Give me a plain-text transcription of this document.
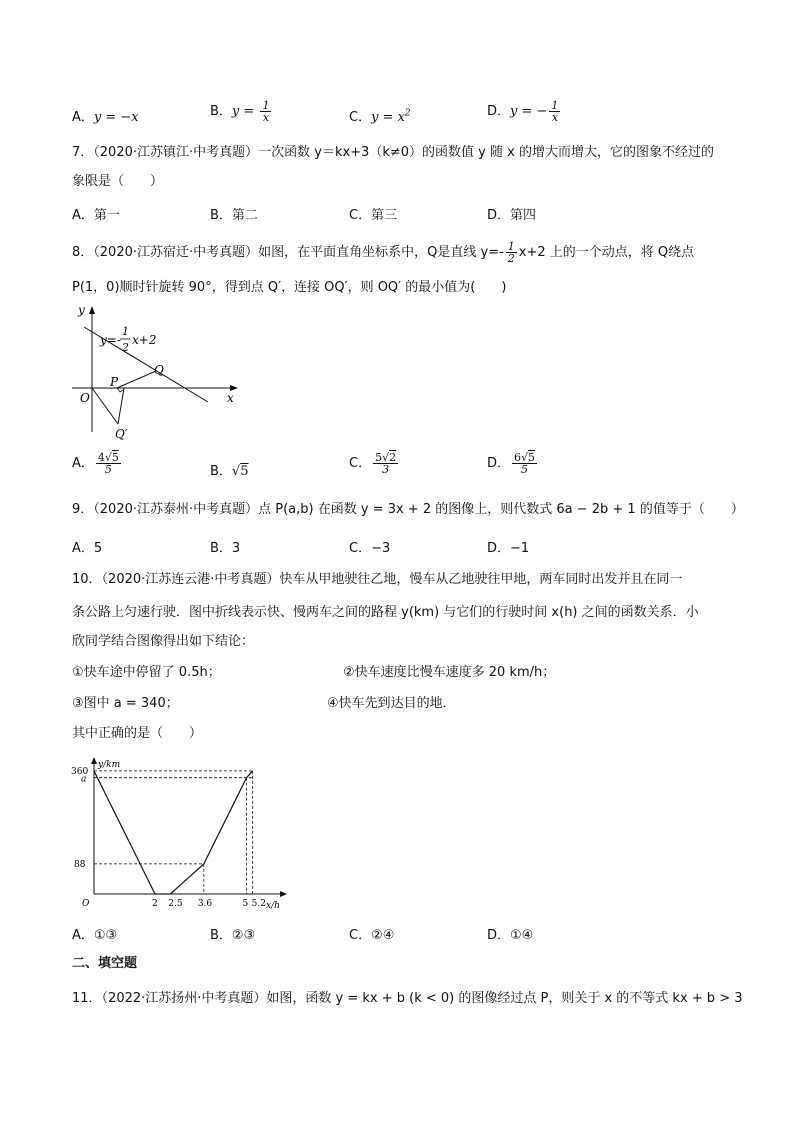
A．y = −x	B．$y = \frac{1}{x}$	C．$y = x^2$	D．y = − $\frac{1}{x}$
7．（2020·江苏镇江·中考真题）一次函数 y＝kx+3（k≠0）的函数值 y 随 x 的增大而增大，它的图象不经过的
象限是（　　）
A．第一	B．第二	C．第三	D．第四
8．（2020·江苏宿迁·中考真题）如图，在平面直角坐标系中，Q是直线 $y=- \frac{1}{2} x+2$ 上的一个动点，将 Q绕点
P(1，0)顺时针旋转 90°，得到点 Q′，连接 OQ′，则 OQ′ 的最小值为(　　)
y
x
O
P
Q
Q′
y=-
1
2
x+2
A． $\frac{4√5}{5}$	B．√5
C． $\frac{5√2}{3}$	D． $\frac{6√5}{5}$
9．（2020·江苏泰州·中考真题）点 P(a,b) 在函数 y = 3x + 2 的图像上，则代数式 6a − 2b + 1 的值等于（　　）
A．5	B．3	C．−3	D．−1
10．（2020·江苏连云港·中考真题）快车从甲地驶往乙地，慢车从乙地驶往甲地，两车同时出发并且在同一
条公路上匀速行驶．图中折线表示快、慢两车之间的路程 y(km) 与它们的行驶时间 x(h) 之间的函数关系．小
欣同学结合图像得出如下结论：
①快车途中停留了 0.5h；	②快车速度比慢车速度多 20 km/h；
③图中 a = 340；	④快车先到达目的地．
其中正确的是（　　）
y/km
x/h
360
a
88
O	2 2.5 3.6	5 5.2
A．①③	B．②③	C．②④	D．①④
二、填空题
11．（2022·江苏扬州·中考真题）如图，函数 y = kx + b (k < 0) 的图像经过点 P，则关于 x 的不等式 kx + b > 3
